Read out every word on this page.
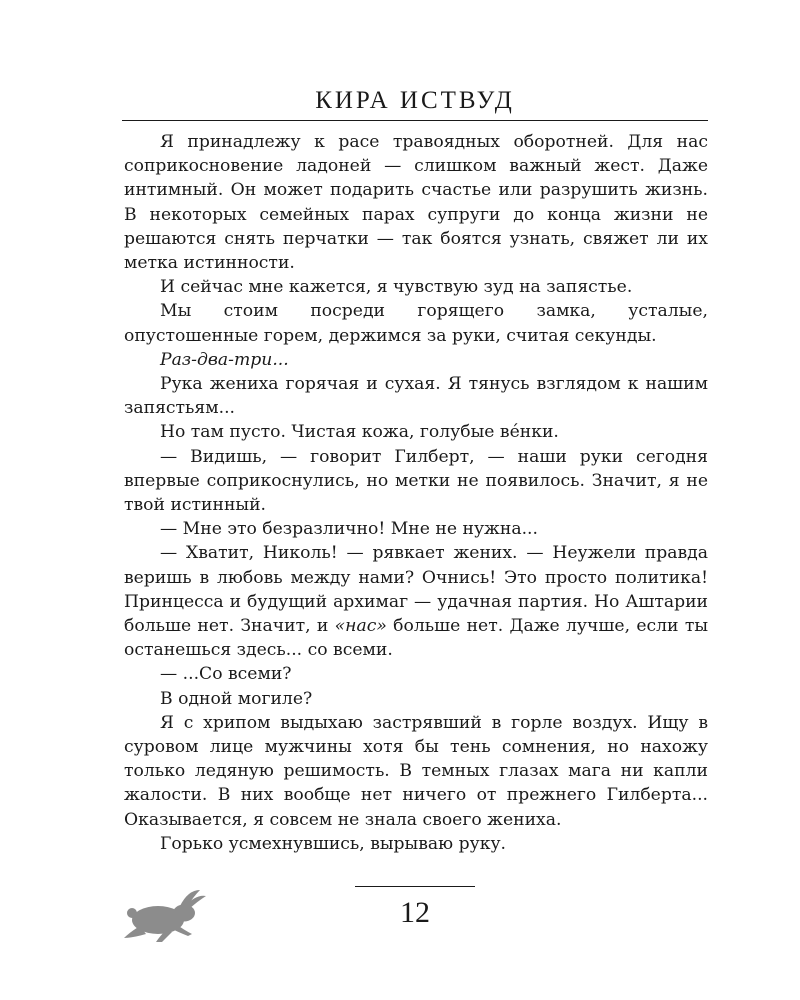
КИРА ИСТВУД

Я принадлежу к расе травоядных оборотней. Для нас соприкосновение ладоней — слишком важный жест. Даже интимный. Он может подарить счастье или разрушить жизнь. В некоторых семейных парах супруги до конца жизни не решаются снять перчатки — так боятся узнать, свяжет ли их метка истинности.

И сейчас мне кажется, я чувствую зуд на запястье.

Мы стоим посреди горящего замка, усталые, опустошенные горем, держимся за руки, считая секунды.

Раз-два-три...

Рука жениха горячая и сухая. Я тянусь взглядом к нашим запястьям...

Но там пусто. Чистая кожа, голубые вéнки.

— Видишь, — говорит Гилберт, — наши руки сегодня впервые соприкоснулись, но метки не появилось. Значит, я не твой истинный.

— Мне это безразлично! Мне не нужна...

— Хватит, Николь! — рявкает жених. — Неужели правда веришь в любовь между нами? Очнись! Это просто политика! Принцесса и будущий архимаг — удачная партия. Но Аштарии больше нет. Значит, и «нас» больше нет. Даже лучше, если ты останешься здесь... со всеми.

— ...Со всеми?

В одной могиле?

Я с хрипом выдыхаю застрявший в горле воздух. Ищу в суровом лице мужчины хотя бы тень сомнения, но нахожу только ледяную решимость. В темных глазах мага ни капли жалости. В них вообще нет ничего от прежнего Гилберта... Оказывается, я совсем не знала своего жениха.

Горько усмехнувшись, вырываю руку.

12
